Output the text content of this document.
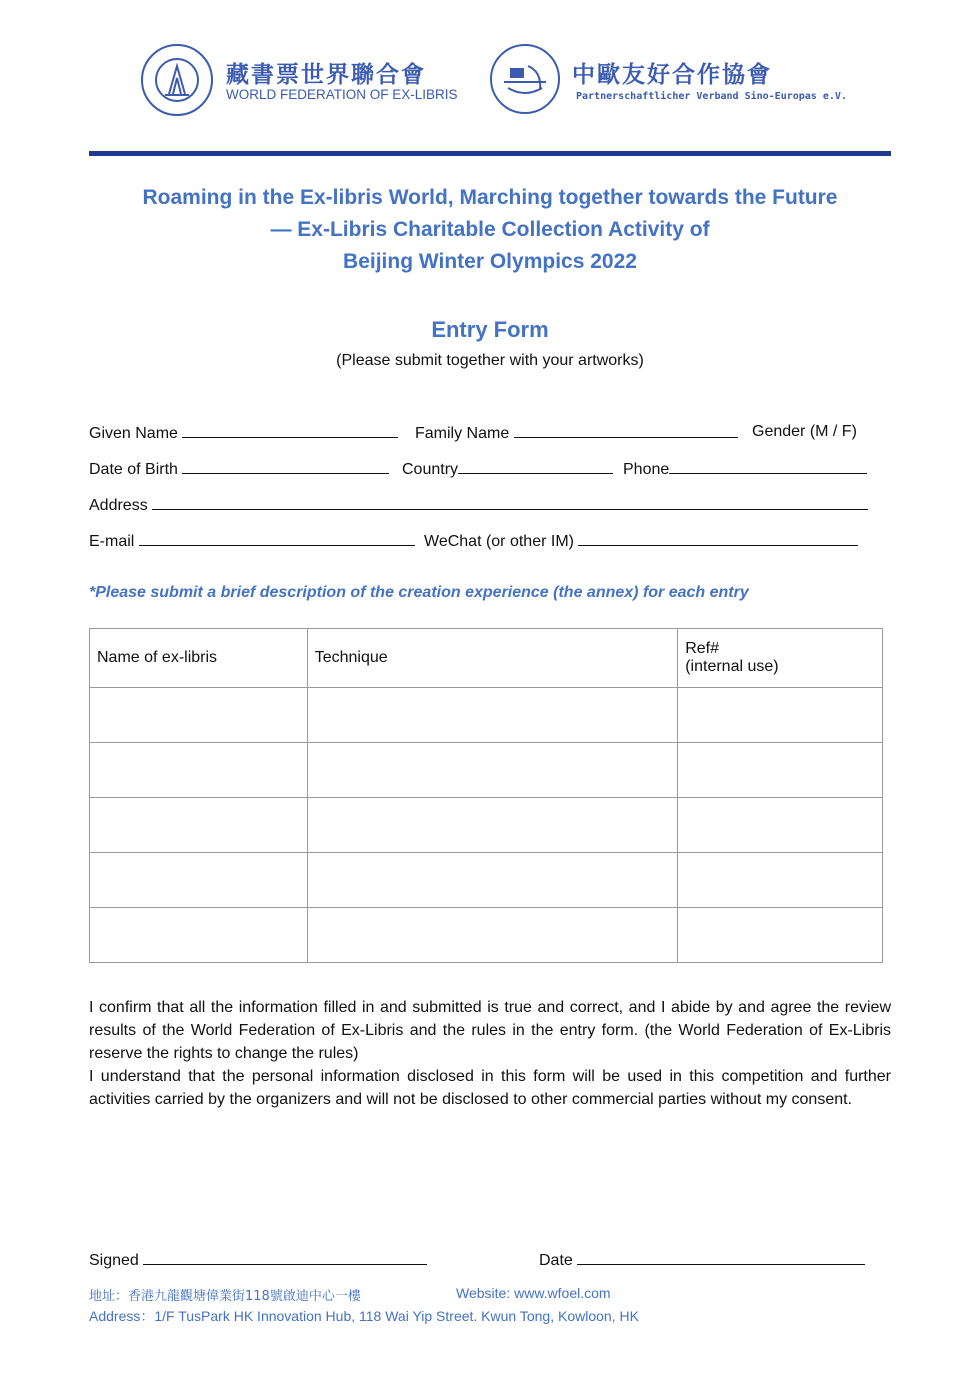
藏書票世界聯合會
WORLD FEDERATION OF EX-LIBRIS
中歐友好合作協會
Partnerschaftlicher Verband Sino-Europas e.V.
Roaming in the Ex-libris World, Marching together towards the Future
— Ex-Libris Charitable Collection Activity of
Beijing Winter Olympics 2022
Entry Form
(Please submit together with your artworks)
Given Name	Family Name	Gender (M / F)
Date of Birth	Country	Phone
Address
E-mail	WeChat (or other IM)
*Please submit a brief description of the creation experience (the annex) for each entry
Name of ex-libris	Technique	Ref#
(internal use)

I confirm that all the information filled in and submitted is true and correct, and I abide by and agree the review results of the World Federation of Ex-Libris and the rules in the entry form. (the World Federation of Ex-Libris reserve the rights to change the rules)

I understand that the personal information disclosed in this form will be used in this competition and further activities carried by the organizers and will not be disclosed to other commercial parties without my consent.

Signed	Date
地址：香港九龍觀塘偉業街118號啟迪中心一樓	Website: www.wfoel.com
Address：1/F TusPark HK Innovation Hub, 118 Wai Yip Street. Kwun Tong, Kowloon, HK
